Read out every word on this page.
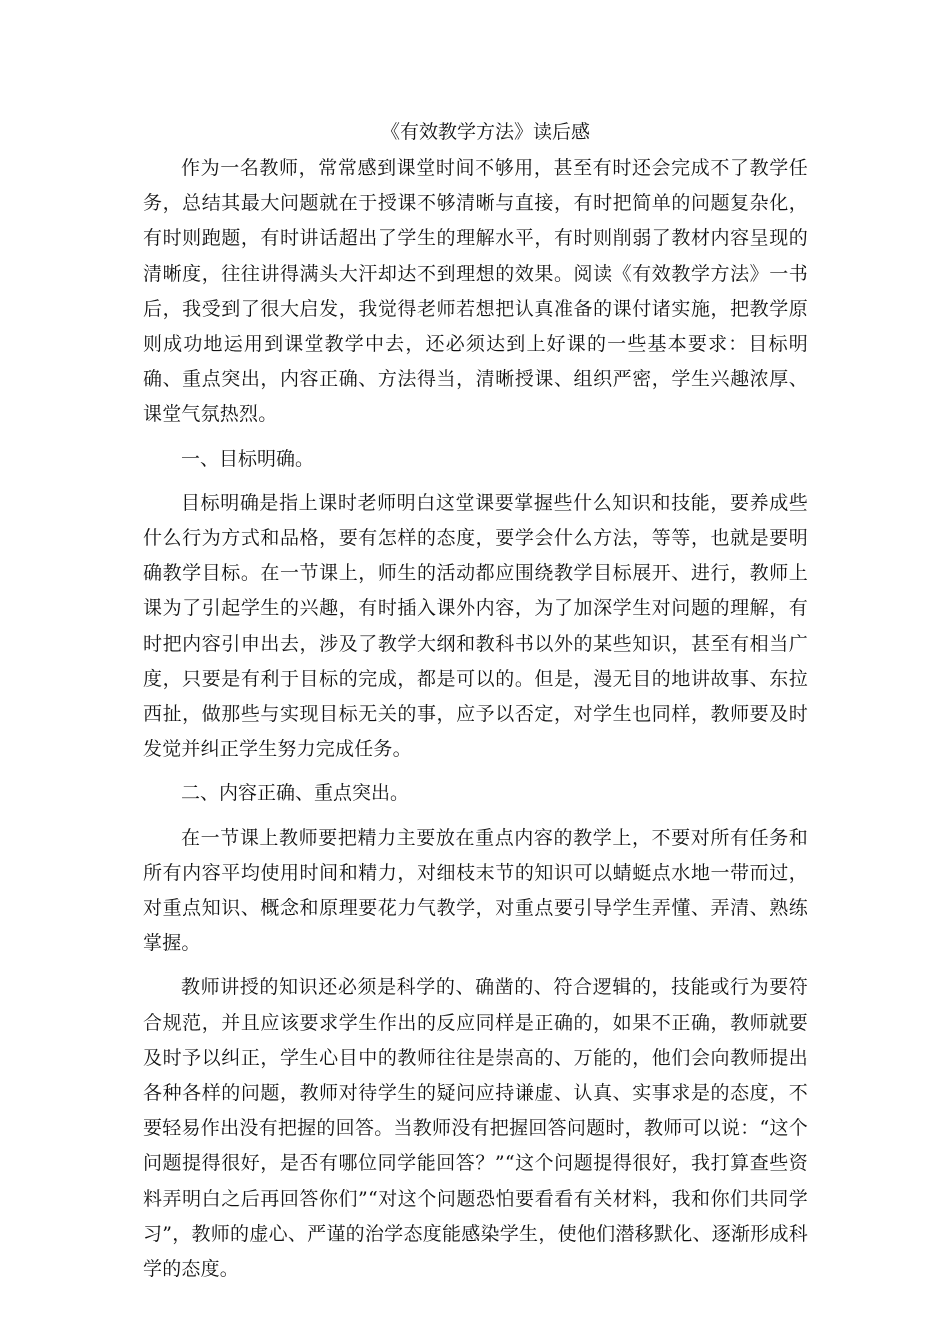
《有效教学方法》读后感

作为一名教师，常常感到课堂时间不够用，甚至有时还会完成不了教学任务，总结其最大问题就在于授课不够清晰与直接，有时把简单的问题复杂化，有时则跑题，有时讲话超出了学生的理解水平，有时则削弱了教材内容呈现的清晰度，往往讲得满头大汗却达不到理想的效果。阅读《有效教学方法》一书后，我受到了很大启发，我觉得老师若想把认真准备的课付诸实施，把教学原则成功地运用到课堂教学中去，还必须达到上好课的一些基本要求：目标明确、重点突出，内容正确、方法得当，清晰授课、组织严密，学生兴趣浓厚、课堂气氛热烈。

一、目标明确。

目标明确是指上课时老师明白这堂课要掌握些什么知识和技能，要养成些什么行为方式和品格，要有怎样的态度，要学会什么方法，等等，也就是要明确教学目标。在一节课上，师生的活动都应围绕教学目标展开、进行，教师上课为了引起学生的兴趣，有时插入课外内容，为了加深学生对问题的理解，有时把内容引申出去，涉及了教学大纲和教科书以外的某些知识，甚至有相当广度，只要是有利于目标的完成，都是可以的。但是，漫无目的地讲故事、东拉西扯，做那些与实现目标无关的事，应予以否定，对学生也同样，教师要及时发觉并纠正学生努力完成任务。

二、内容正确、重点突出。

在一节课上教师要把精力主要放在重点内容的教学上，不要对所有任务和所有内容平均使用时间和精力，对细枝末节的知识可以蜻蜓点水地一带而过，对重点知识、概念和原理要花力气教学，对重点要引导学生弄懂、弄清、熟练掌握。

教师讲授的知识还必须是科学的、确凿的、符合逻辑的，技能或行为要符合规范，并且应该要求学生作出的反应同样是正确的，如果不正确，教师就要及时予以纠正，学生心目中的教师往往是崇高的、万能的，他们会向教师提出各种各样的问题，教师对待学生的疑问应持谦虚、认真、实事求是的态度，不要轻易作出没有把握的回答。当教师没有把握回答问题时，教师可以说：“这个问题提得很好，是否有哪位同学能回答？”“这个问题提得很好，我打算查些资料弄明白之后再回答你们”“对这个问题恐怕要看看有关材料，我和你们共同学习”，教师的虚心、严谨的治学态度能感染学生，使他们潜移默化、逐渐形成科学的态度。
